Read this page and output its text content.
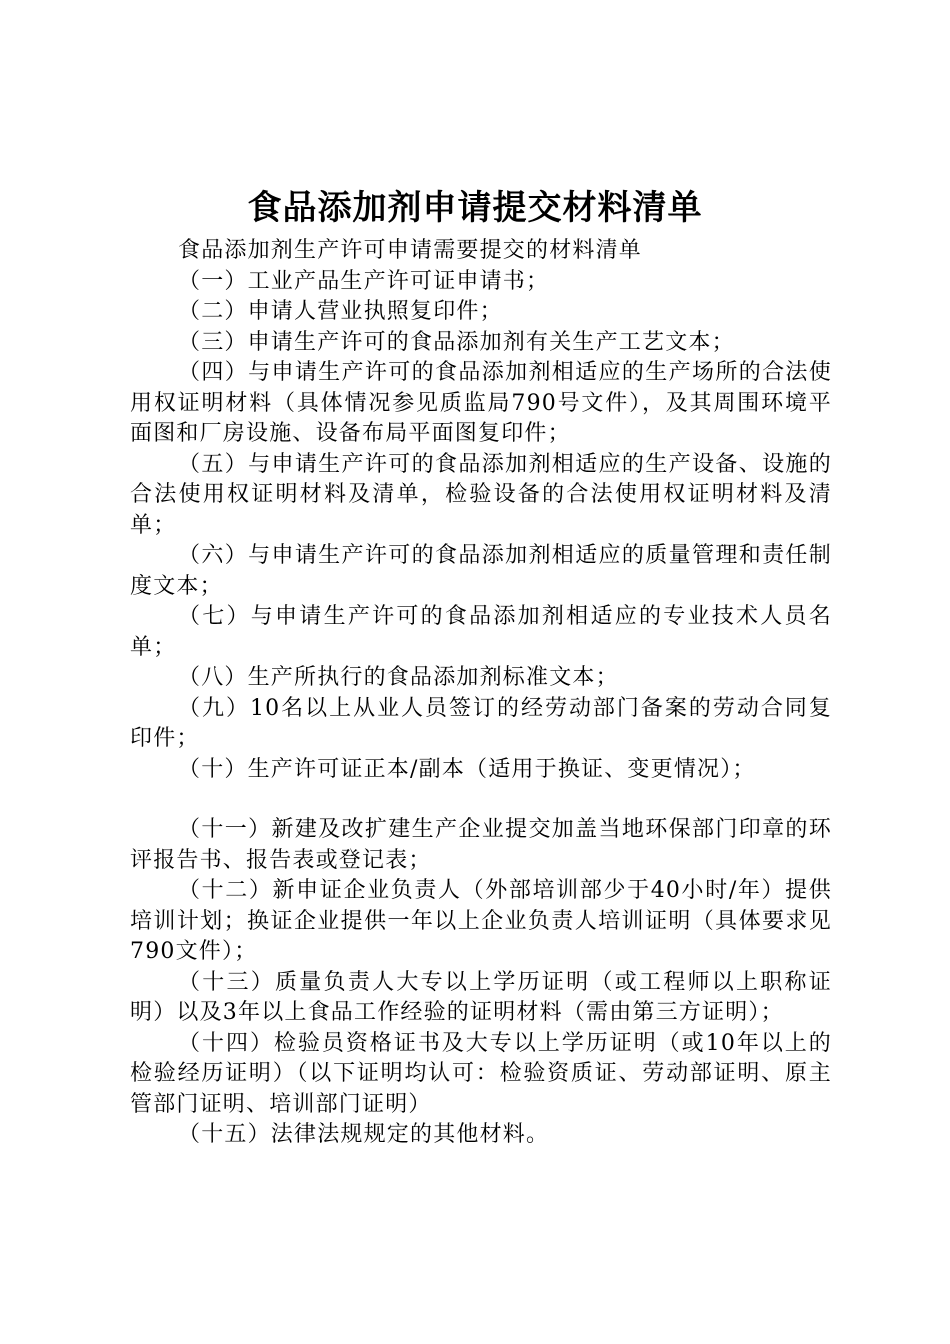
食品添加剂申请提交材料清单

食品添加剂生产许可申请需要提交的材料清单

（一）工业产品生产许可证申请书；

（二）申请人营业执照复印件；

（三）申请生产许可的食品添加剂有关生产工艺文本；

（四）与申请生产许可的食品添加剂相适应的生产场所的合法使用权证明材料（具体情况参见质监局790号文件），及其周围环境平面图和厂房设施、设备布局平面图复印件；

（五）与申请生产许可的食品添加剂相适应的生产设备、设施的合法使用权证明材料及清单，检验设备的合法使用权证明材料及清单；

（六）与申请生产许可的食品添加剂相适应的质量管理和责任制度文本；

（七）与申请生产许可的食品添加剂相适应的专业技术人员名单；

（八）生产所执行的食品添加剂标准文本；

（九）10名以上从业人员签订的经劳动部门备案的劳动合同复印件；

（十）生产许可证正本/副本（适用于换证、变更情况）；

（十一）新建及改扩建生产企业提交加盖当地环保部门印章的环评报告书、报告表或登记表；

（十二）新申证企业负责人（外部培训部少于40小时/年）提供培训计划；换证企业提供一年以上企业负责人培训证明（具体要求见790文件）；

（十三）质量负责人大专以上学历证明（或工程师以上职称证明）以及3年以上食品工作经验的证明材料（需由第三方证明）；

（十四）检验员资格证书及大专以上学历证明（或10年以上的检验经历证明）（以下证明均认可：检验资质证、劳动部证明、原主管部门证明、培训部门证明）

（十五）法律法规规定的其他材料。
